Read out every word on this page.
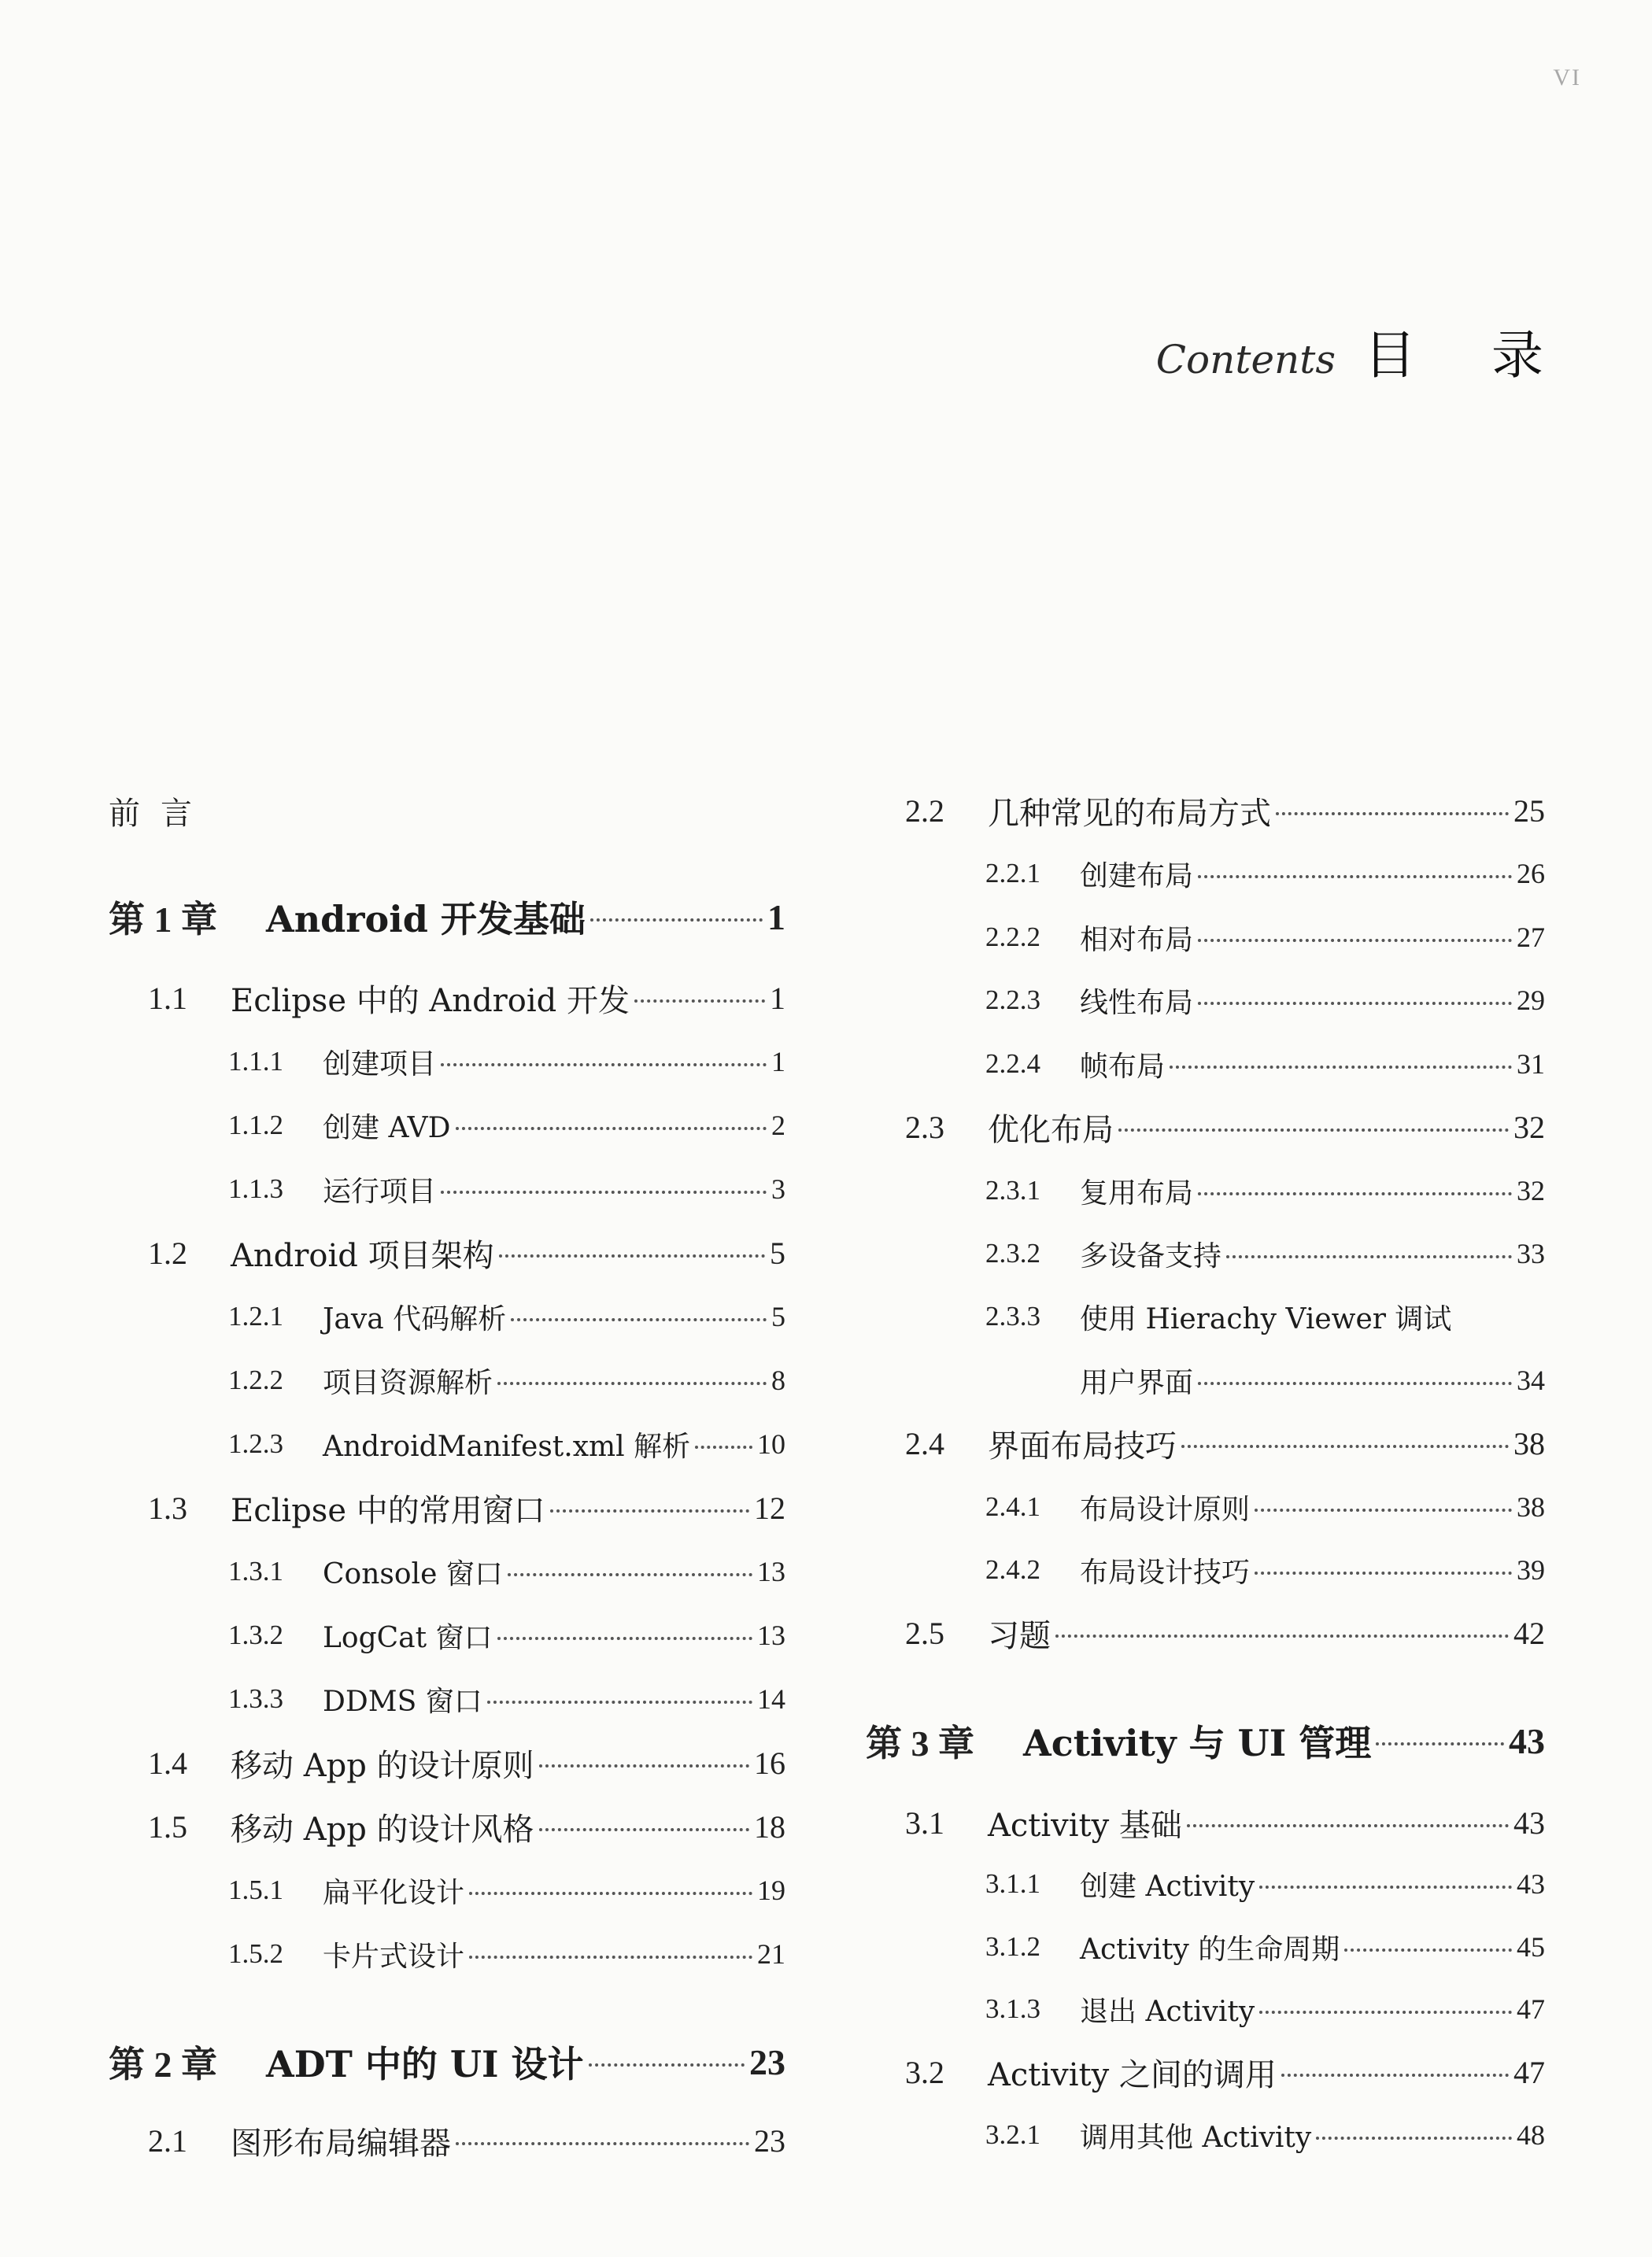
VI
Contents 目 录
前言
第 1 章	Android 开发基础	1
1.1	Eclipse 中的 Android 开发	1
1.1.1	创建项目	1
1.1.2	创建 AVD	2
1.1.3	运行项目	3
1.2	Android 项目架构	5
1.2.1	Java 代码解析	5
1.2.2	项目资源解析	8
1.2.3	AndroidManifest.xml 解析 10
1.3	Eclipse 中的常用窗口	12
1.3.1	Console 窗口	13
1.3.2	LogCat 窗口	13
1.3.3	DDMS 窗口	14
1.4	移动 App 的设计原则	16
1.5	移动 App 的设计风格	18
1.5.1	扁平化设计	19
1.5.2	卡片式设计	21
第 2 章	ADT 中的 UI 设计	23
2.1	图形布局编辑器	23
2.2	几种常见的布局方式	25
2.2.1	创建布局	26
2.2.2	相对布局	27
2.2.3	线性布局	29
2.2.4	帧布局	31
2.3	优化布局	32
2.3.1	复用布局	32
2.3.2	多设备支持	33
2.3.3	使用 Hierachy Viewer 调试
用户界面	34
2.4	界面布局技巧	38
2.4.1	布局设计原则	38
2.4.2	布局设计技巧	39
2.5	习题	42
第 3 章	Activity 与 UI 管理	43
3.1	Activity 基础	43
3.1.1	创建 Activity	43
3.1.2	Activity 的生命周期	45
3.1.3	退出 Activity	47
3.2	Activity 之间的调用	47
3.2.1	调用其他 Activity	48
